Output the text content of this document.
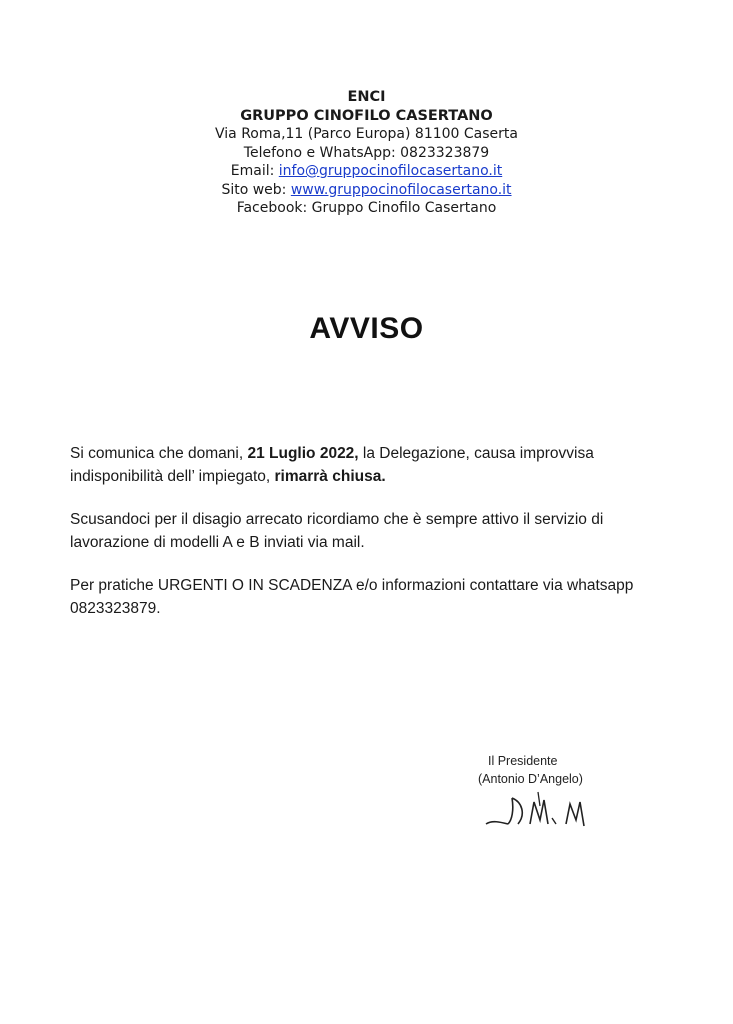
ENCI
GRUPPO CINOFILO CASERTANO
Via Roma,11 (Parco Europa) 81100 Caserta
Telefono e WhatsApp: 0823323879
Email: info@gruppocinofilocasertano.it
Sito web: www.gruppocinofilocasertano.it
Facebook: Gruppo Cinofilo Casertano
AVVISO

Si comunica che domani, 21 Luglio 2022, la Delegazione, causa improvvisa indisponibilità dell’ impiegato, rimarrà chiusa.

Scusandoci per il disagio arrecato ricordiamo che è sempre attivo il servizio di lavorazione di modelli A e B inviati via mail.

Per pratiche URGENTI O IN SCADENZA e/o informazioni contattare via whatsapp 0823323879.

Il Presidente
(Antonio D’Angelo)
